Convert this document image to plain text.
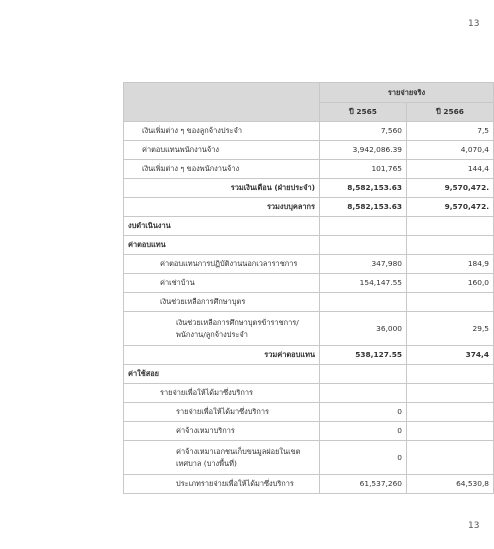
13
	รายจ่ายจริง	
	ปี 2565	ปี 2566
เงินเพิ่มต่าง ๆ ของลูกจ้างประจำ	7,560	7,5
ค่าตอบแทนพนักงานจ้าง	3,942,086.39	4,070,4
เงินเพิ่มต่าง ๆ ของพนักงานจ้าง	101,765	144,4
รวมเงินเดือน (ฝ่ายประจำ)	8,582,153.63	9,570,472.
รวมงบบุคลากร	8,582,153.63	9,570,472.
งบดำเนินงาน		
ค่าตอบแทน		
ค่าตอบแทนการปฏิบัติงานนอกเวลาราชการ	347,980	184,9
ค่าเช่าบ้าน	154,147.55	160,0
เงินช่วยเหลือการศึกษาบุตร		
เงินช่วยเหลือการศึกษาบุตรข้าราชการ/พนักงาน/ลูกจ้างประจำ	36,000	29,5
รวมค่าตอบแทน	538,127.55	374,4
ค่าใช้สอย		
รายจ่ายเพื่อให้ได้มาซึ่งบริการ		
รายจ่ายเพื่อให้ได้มาซึ่งบริการ	0	
ค่าจ้างเหมาบริการ	0	
ค่าจ้างเหมาเอกชนเก็บขนมูลฝอยในเขตเทศบาล (บางพื้นที่)	0	
ประเภทรายจ่ายเพื่อให้ได้มาซึ่งบริการ	61,537,260	64,530,8
13
